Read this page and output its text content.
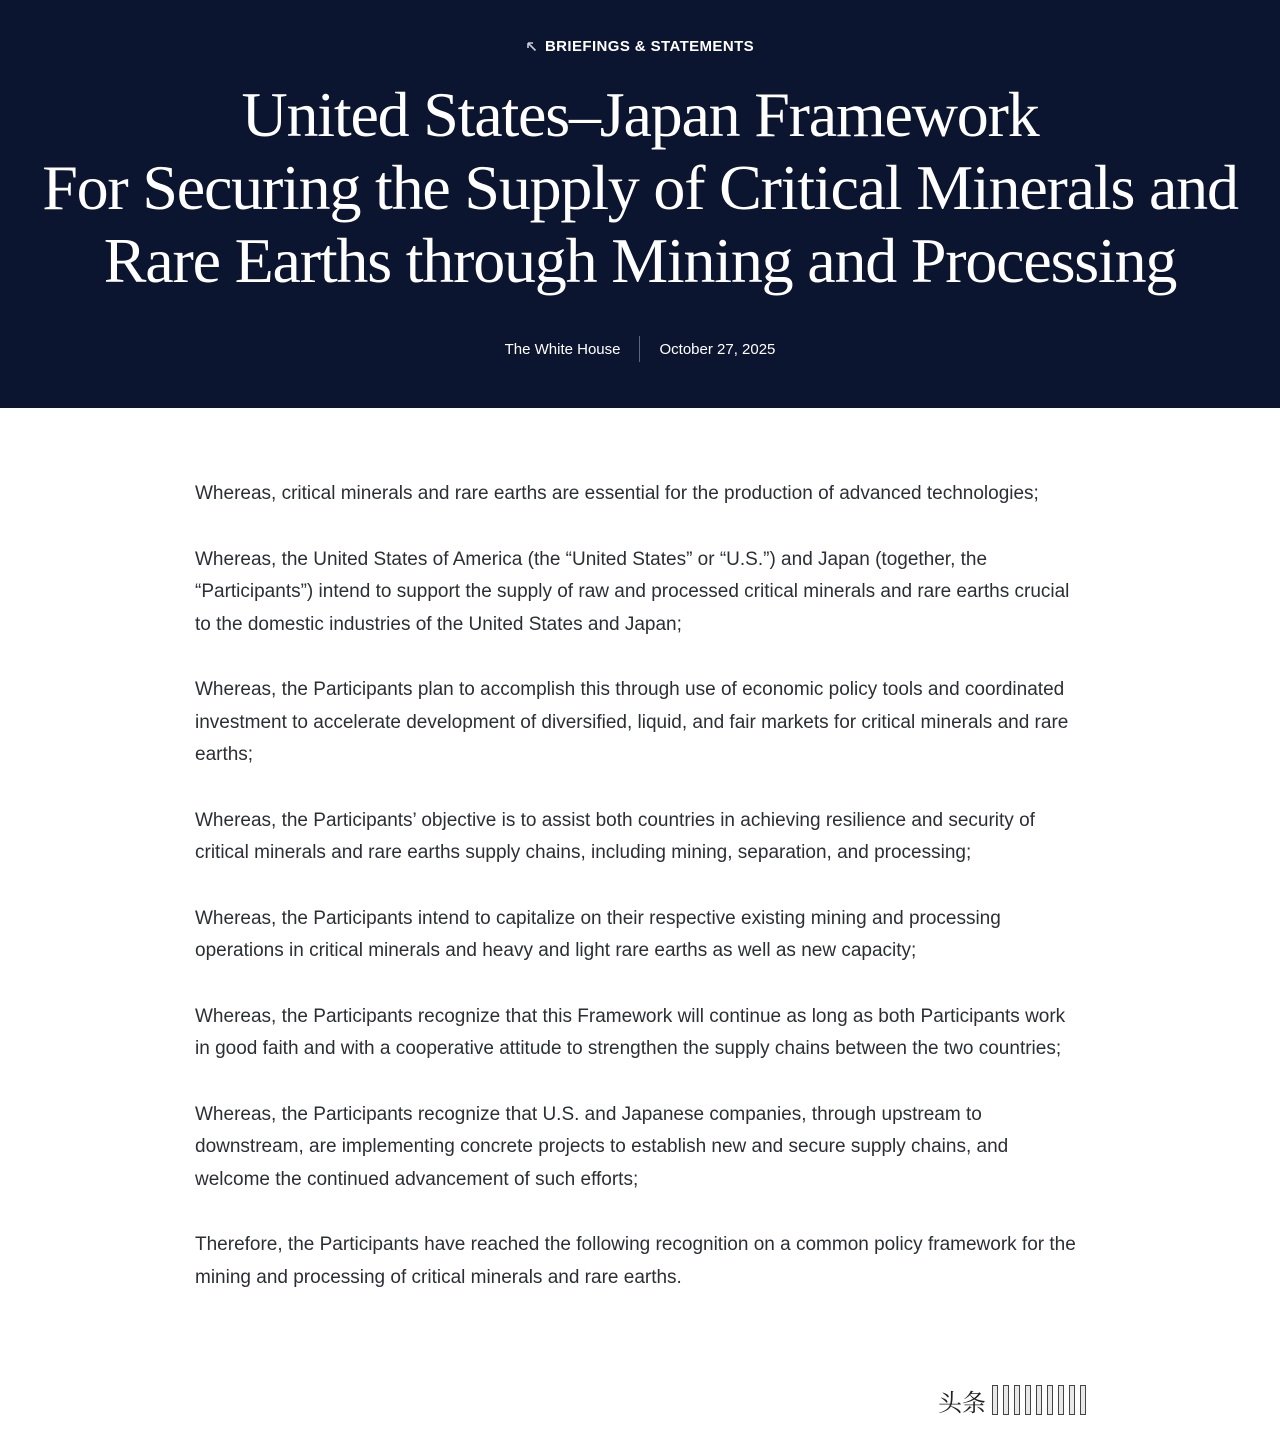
BRIEFINGS & STATEMENTS
United States–Japan Framework
For Securing the Supply of Critical Minerals and
Rare Earths through Mining and Processing
The White House	October 27, 2025

Whereas, critical minerals and rare earths are essential for the production of advanced technologies;

Whereas, the United States of America (the “United States” or “U.S.”) and Japan (together, the “Participants”) intend to support the supply of raw and processed critical minerals and rare earths crucial to the domestic industries of the United States and Japan;

Whereas, the Participants plan to accomplish this through use of economic policy tools and coordinated investment to accelerate development of diversified, liquid, and fair markets for critical minerals and rare earths;

Whereas, the Participants’ objective is to assist both countries in achieving resilience and security of critical minerals and rare earths supply chains, including mining, separation, and processing;

Whereas, the Participants intend to capitalize on their respective existing mining and processing operations in critical minerals and heavy and light rare earths as well as new capacity;

Whereas, the Participants recognize that this Framework will continue as long as both Participants work in good faith and with a cooperative attitude to strengthen the supply chains between the two countries;

Whereas, the Participants recognize that U.S. and Japanese companies, through upstream to downstream, are implementing concrete projects to establish new and secure supply chains, and welcome the continued advancement of such efforts;

Therefore, the Participants have reached the following recognition on a common policy framework for the mining and processing of critical minerals and rare earths.

头条
